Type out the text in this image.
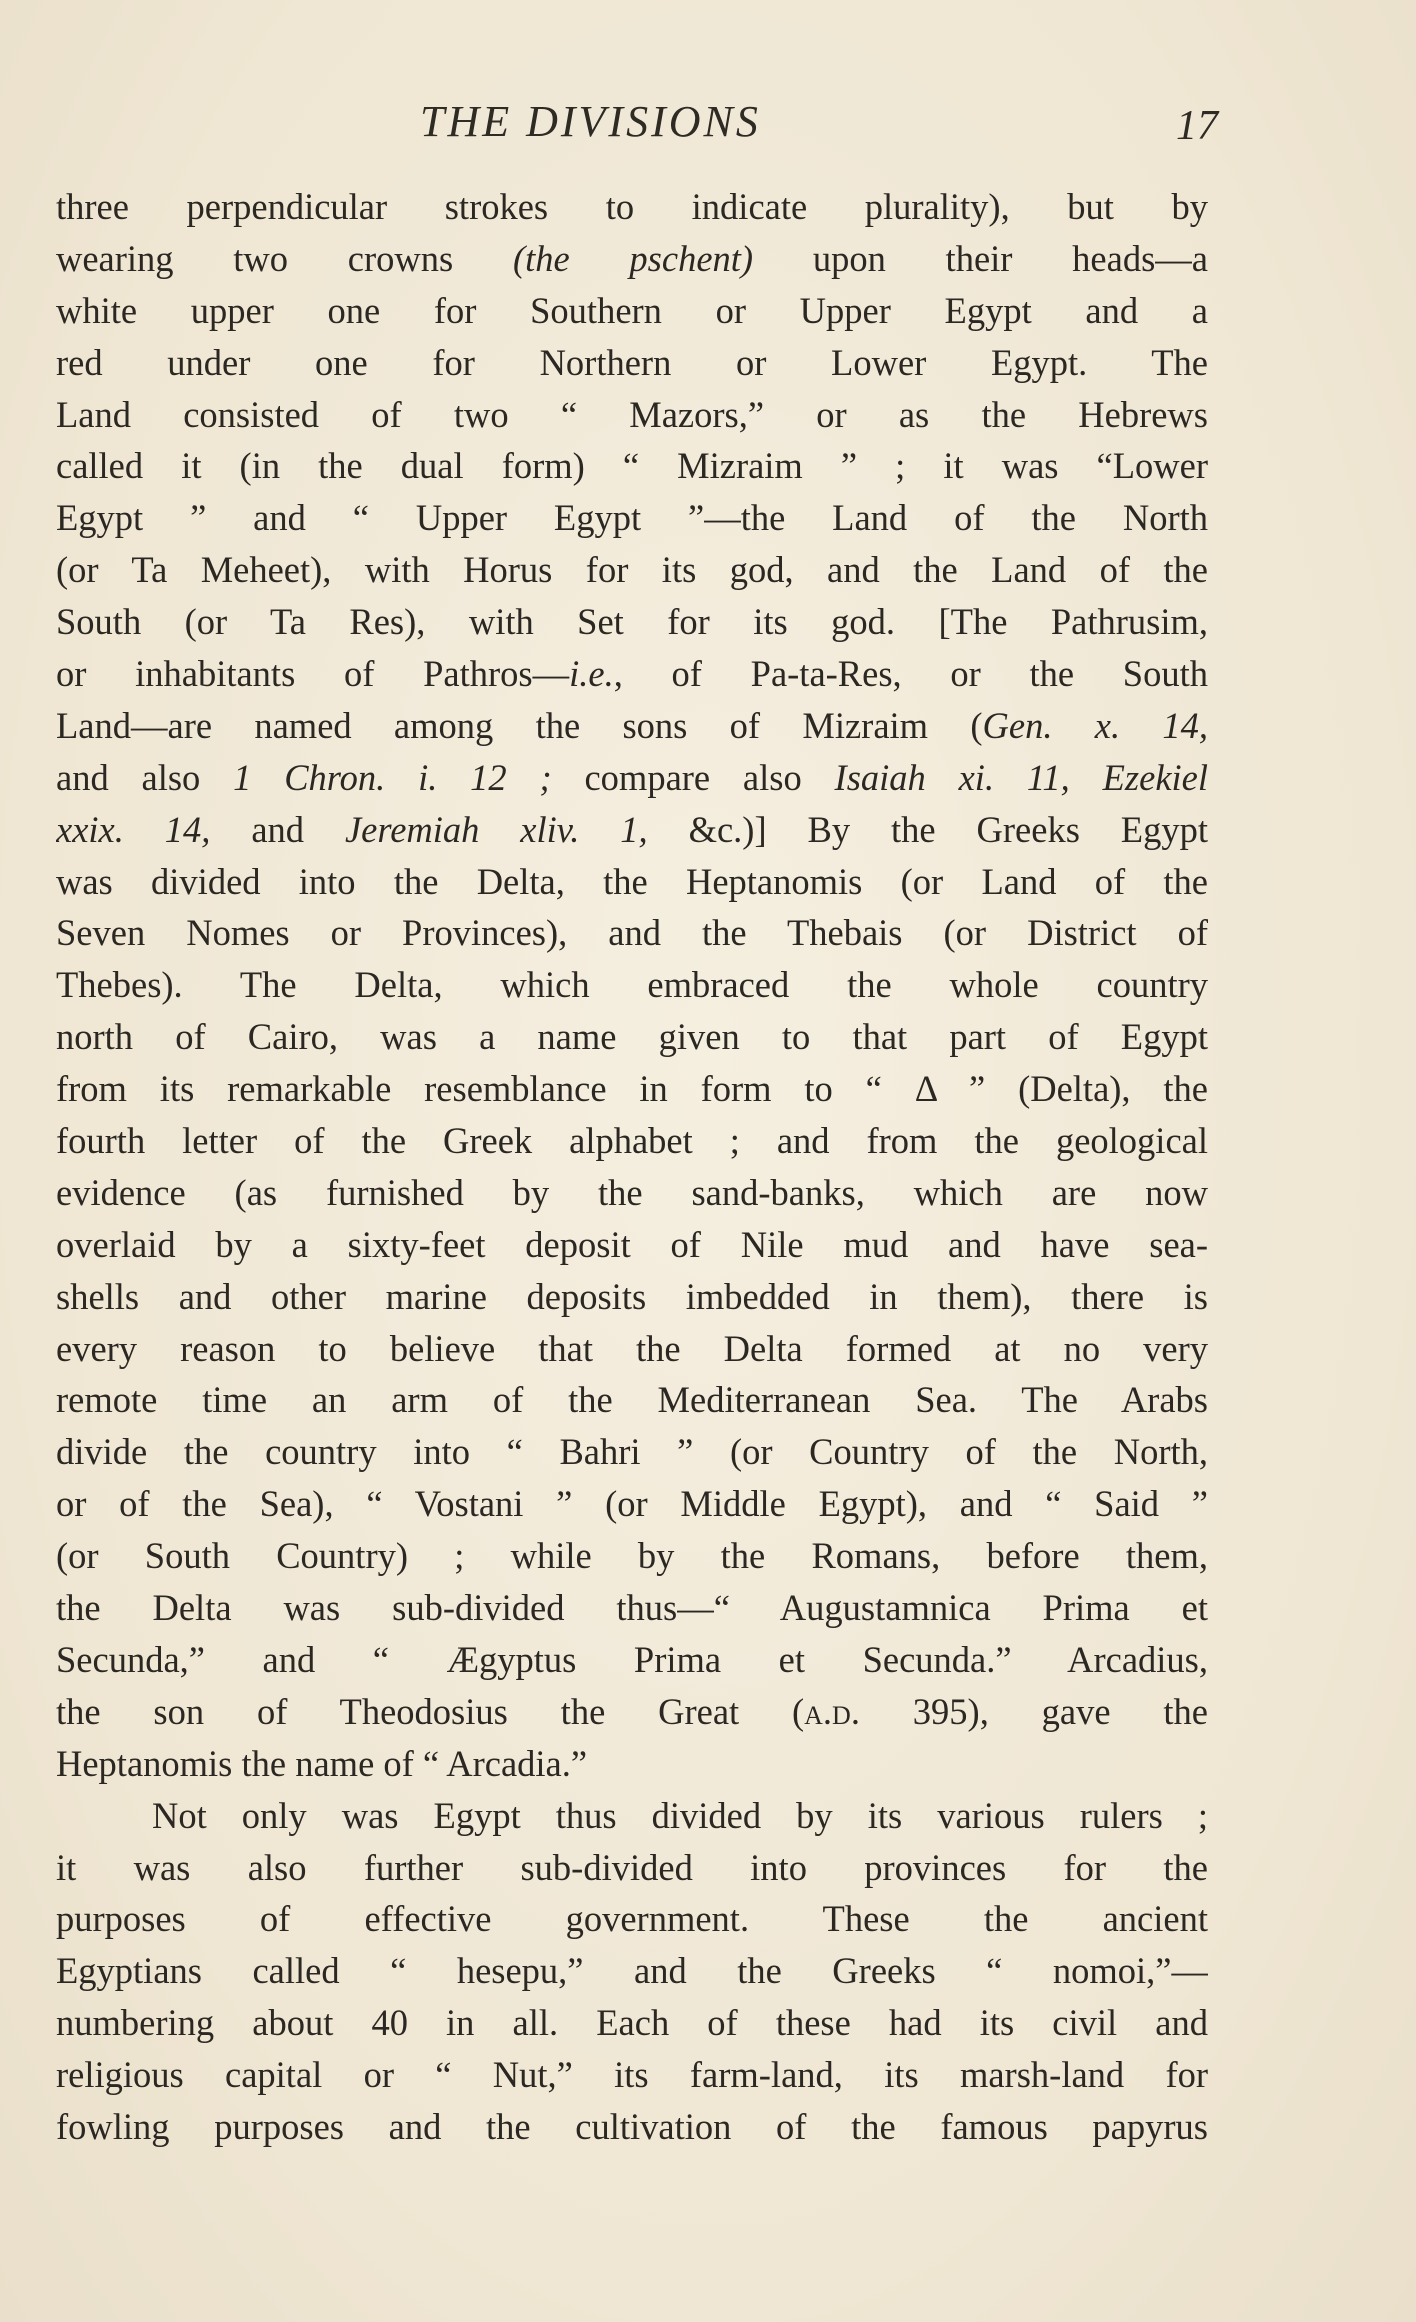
THE DIVISIONS	17
three perpendicular strokes to indicate plurality), but by
wearing two crowns (the pschent) upon their heads—a
white upper one for Southern or Upper Egypt and a
red under one for Northern or Lower Egypt. The
Land consisted of two “ Mazors,” or as the Hebrews
called it (in the dual form) “ Mizraim ” ; it was “Lower
Egypt ” and “ Upper Egypt ”—the Land of the North
(or Ta Meheet), with Horus for its god, and the Land of the
South (or Ta Res), with Set for its god. [The Pathrusim,
or inhabitants of Pathros—i.e., of Pa-ta-Res, or the South
Land—are named among the sons of Mizraim (Gen. x. 14,
and also 1 Chron. i. 12 ; compare also Isaiah xi. 11, Ezekiel
xxix. 14, and Jeremiah xliv. 1, &c.)] By the Greeks Egypt
was divided into the Delta, the Heptanomis (or Land of the
Seven Nomes or Provinces), and the Thebais (or District of
Thebes). The Delta, which embraced the whole country
north of Cairo, was a name given to that part of Egypt
from its remarkable resemblance in form to “ Δ ” (Delta), the
fourth letter of the Greek alphabet ; and from the geological
evidence (as furnished by the sand-banks, which are now
overlaid by a sixty-feet deposit of Nile mud and have sea-
shells and other marine deposits imbedded in them), there is
every reason to believe that the Delta formed at no very
remote time an arm of the Mediterranean Sea. The Arabs
divide the country into “ Bahri ” (or Country of the North,
or of the Sea), “ Vostani ” (or Middle Egypt), and “ Said ”
(or South Country) ; while by the Romans, before them,
the Delta was sub-divided thus—“ Augustamnica Prima et
Secunda,” and “ Ægyptus Prima et Secunda.” Arcadius,
the son of Theodosius the Great (a.d. 395), gave the
Heptanomis the name of “ Arcadia.”
Not only was Egypt thus divided by its various rulers ;
it was also further sub-divided into provinces for the
purposes of effective government. These the ancient
Egyptians called “ hesepu,” and the Greeks “ nomoi,”—
numbering about 40 in all. Each of these had its civil and
religious capital or “ Nut,” its farm-land, its marsh-land for
fowling purposes and the cultivation of the famous papyrus
